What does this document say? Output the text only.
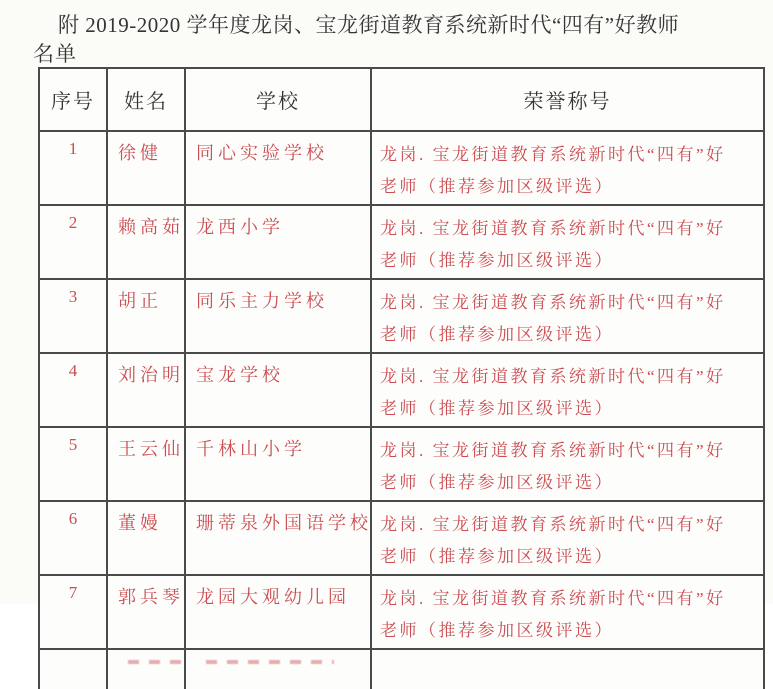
附 2019-2020 学年度龙岗、宝龙街道教育系统新时代“四有”好教师
名单
序号	姓名	学校	荣誉称号
1	徐健	同心实验学校	龙岗. 宝龙街道教育系统新时代“四有”好
老师（推荐参加区级评选）

2	赖高茹	龙西小学	龙岗. 宝龙街道教育系统新时代“四有”好
老师（推荐参加区级评选）

3	胡正	同乐主力学校	龙岗. 宝龙街道教育系统新时代“四有”好
老师（推荐参加区级评选）

4	刘治明	宝龙学校	龙岗. 宝龙街道教育系统新时代“四有”好
老师（推荐参加区级评选）

5	王云仙	千林山小学	龙岗. 宝龙街道教育系统新时代“四有”好
老师（推荐参加区级评选）

6	董嫚	珊蒂泉外国语学校	龙岗. 宝龙街道教育系统新时代“四有”好
老师（推荐参加区级评选）

7	郭兵琴	龙园大观幼儿园	龙岗. 宝龙街道教育系统新时代“四有”好
老师（推荐参加区级评选）
